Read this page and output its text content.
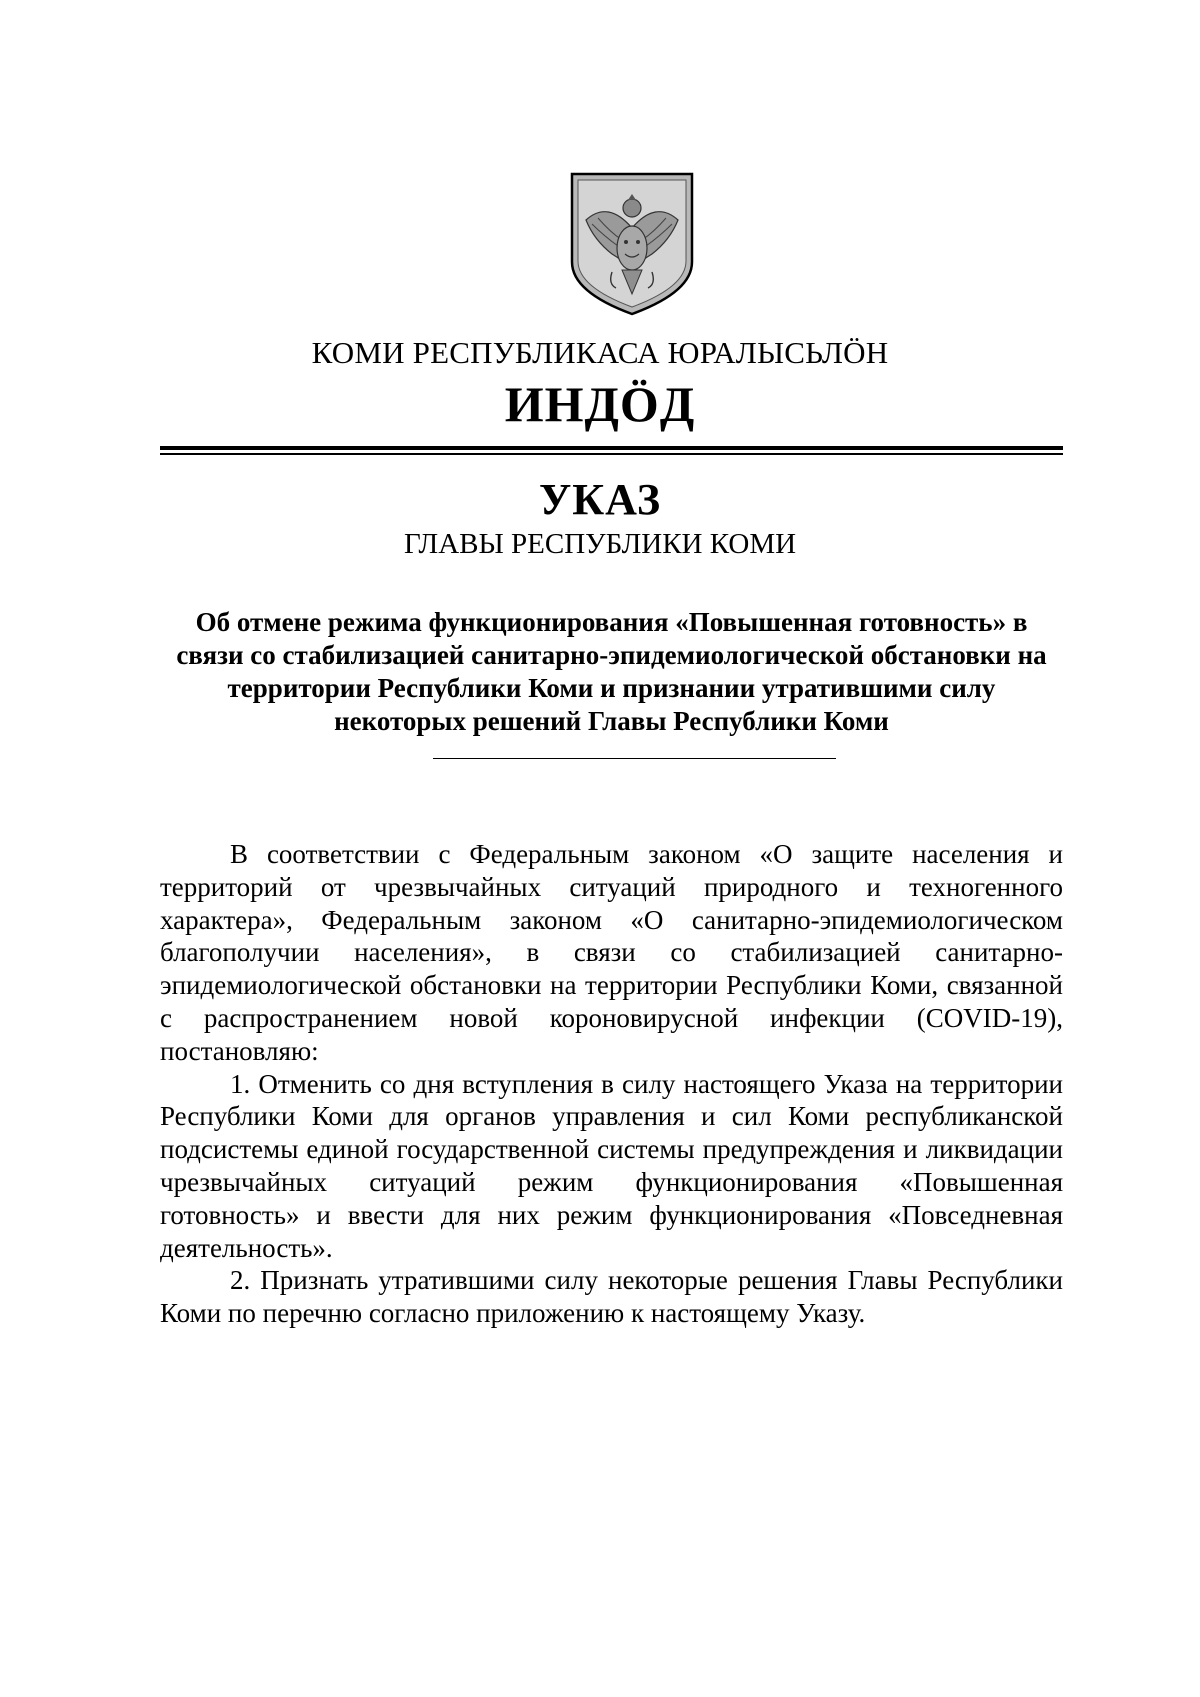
КОМИ РЕСПУБЛИКАСА ЮРАЛЫСЬЛӦН
ИНДӦД
УКАЗ
ГЛАВЫ РЕСПУБЛИКИ КОМИ
Об отмене режима функционирования «Повышенная готовность» в
связи со стабилизацией санитарно-эпидемиологической обстановки на
территории Республики Коми и признании утратившими силу
некоторых решений Главы Республики Коми

В соответствии с Федеральным законом «О защите населения и территорий от чрезвычайных ситуаций природного и техногенного характера», Федеральным законом «О санитарно-эпидемиологическом благополучии населения», в связи со стабилизацией санитарно-эпидемиологической обстановки на территории Республики Коми, связанной с распространением новой короновирусной инфекции (COVID-19), постановляю:

1. Отменить со дня вступления в силу настоящего Указа на территории Республики Коми для органов управления и сил Коми республиканской подсистемы единой государственной системы предупреждения и ликвидации чрезвычайных ситуаций режим функционирования «Повышенная готовность» и ввести для них режим функционирования «Повседневная деятельность».

2. Признать утратившими силу некоторые решения Главы Республики Коми по перечню согласно приложению к настоящему Указу.
